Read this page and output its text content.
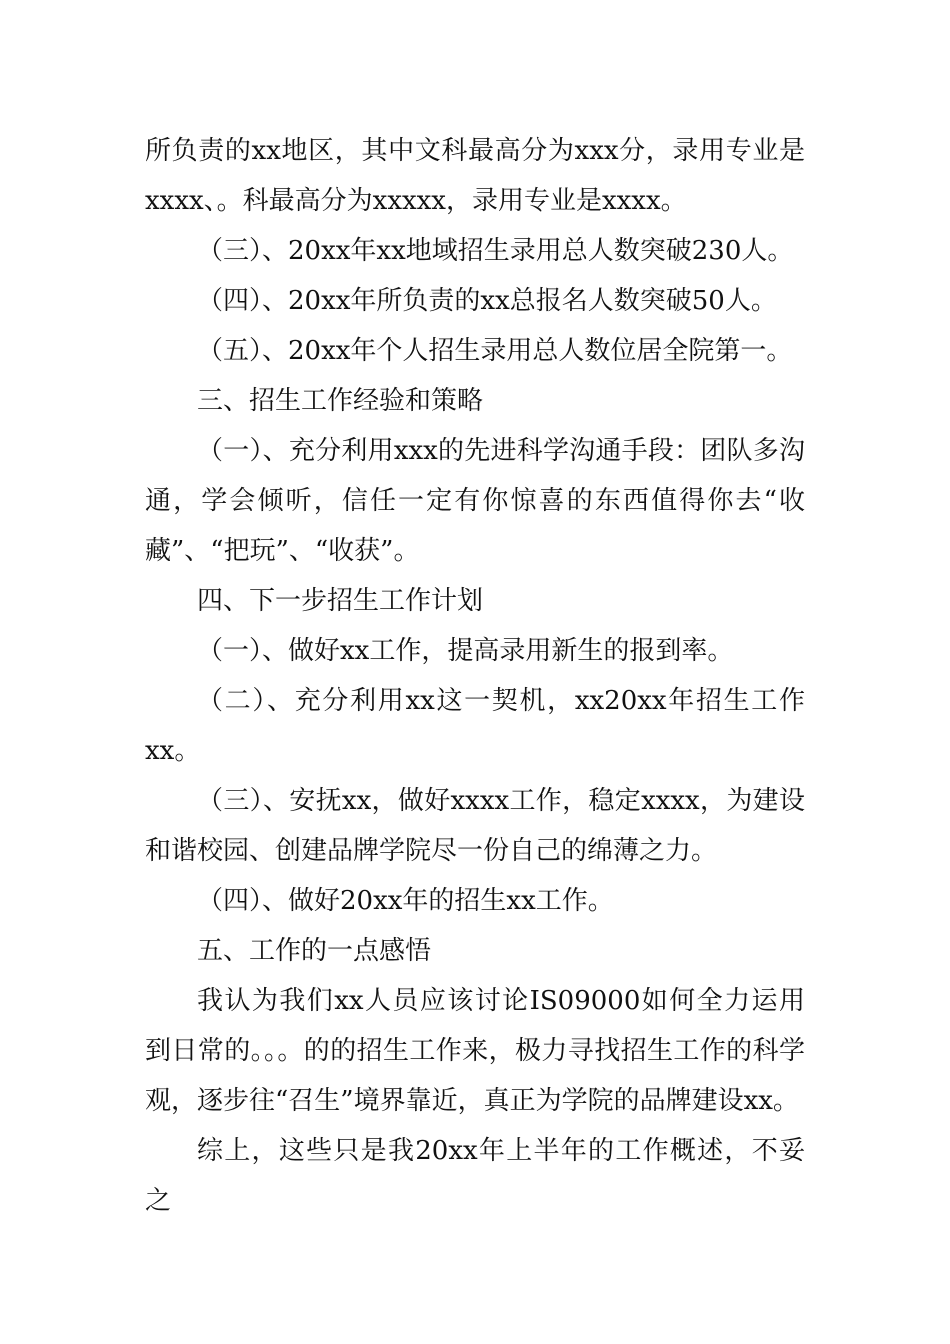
所负责的xx地区，其中文科最高分为xxx分，录用专业是xxxx、。科最高分为xxxxx，录用专业是xxxx。

（三）、20xx年xx地域招生录用总人数突破230人。

（四）、20xx年所负责的xx总报名人数突破50人。

（五）、20xx年个人招生录用总人数位居全院第一。

三、招生工作经验和策略

（一）、充分利用xxx的先进科学沟通手段：团队多沟通，学会倾听，信任一定有你惊喜的东西值得你去“收藏”、“把玩”、“收获”。

四、下一步招生工作计划

（一）、做好xx工作，提高录用新生的报到率。

（二）、充分利用xx这一契机，xx20xx年招生工作xx。

（三）、安抚xx，做好xxxx工作，稳定xxxx，为建设和谐校园、创建品牌学院尽一份自己的绵薄之力。

（四）、做好20xx年的招生xx工作。

五、工作的一点感悟

我认为我们xx人员应该讨论IS09000如何全力运用到日常的。。。的的招生工作来，极力寻找招生工作的科学观，逐步往“召生”境界靠近，真正为学院的品牌建设xx。

综上，这些只是我20xx年上半年的工作概述，不妥之
